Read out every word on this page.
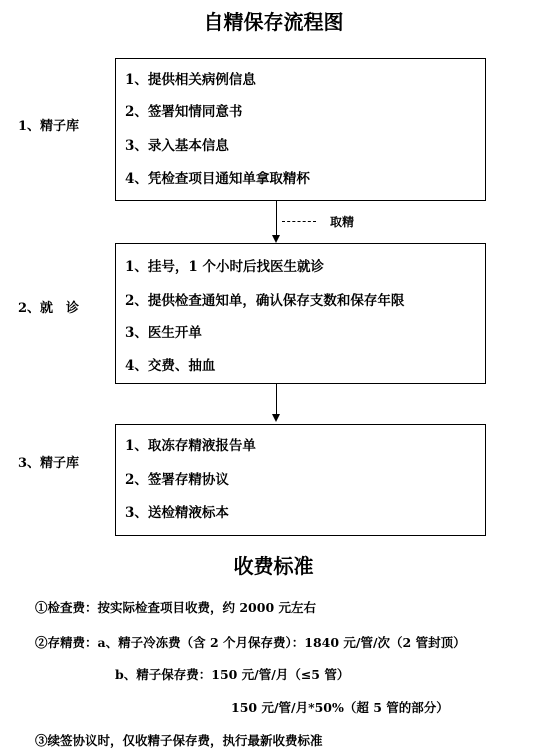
自精保存流程图
1、精子库
1、提供相关病例信息
2、签署知情同意书
3、录入基本信息
4、凭检查项目通知单拿取精杯
取精
2、就　诊
1、挂号，1 个小时后找医生就诊
2、提供检查通知单，确认保存支数和保存年限
3、医生开单
4、交费、抽血
3、精子库
1、取冻存精液报告单
2、签署存精协议
3、送检精液标本
收费标准
①检查费：按实际检查项目收费，约 2000 元左右
②存精费：a、精子冷冻费（含 2 个月保存费）：1840 元/管/次（2 管封顶）
b、精子保存费：150 元/管/月（≤5 管）
150 元/管/月*50%（超 5 管的部分）
③续签协议时，仅收精子保存费，执行最新收费标准
